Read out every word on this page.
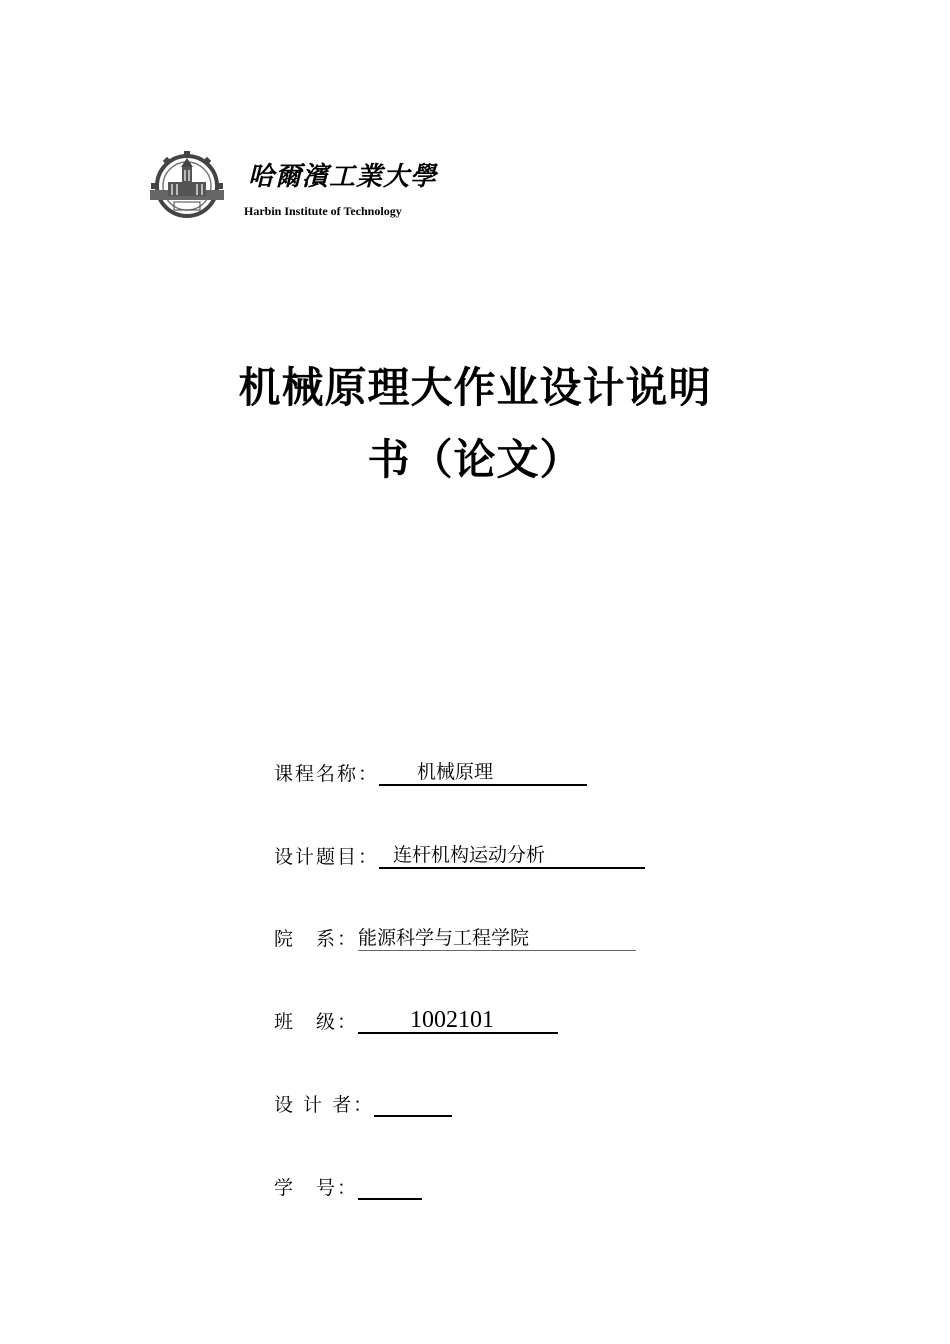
哈爾濱工業大學
Harbin Institute of Technology
机械原理大作业设计说明
书（论文）
课程名称：	机械原理
设计题目： 连杆机构运动分析
院　系： 能源科学与工程学院
班　级：	1002101
设 计 者：
学　号：
